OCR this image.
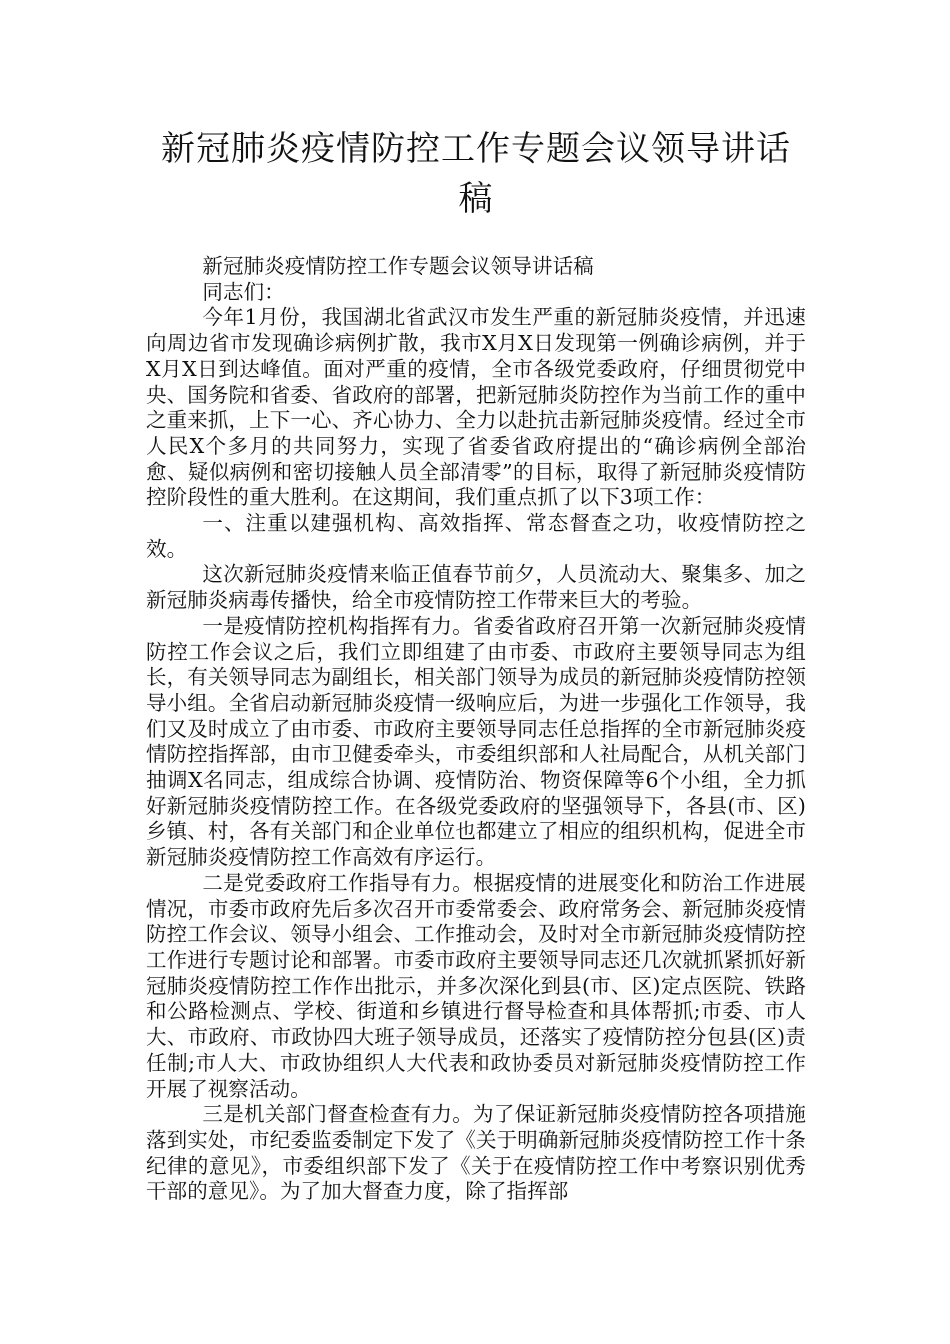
新冠肺炎疫情防控工作专题会议领导讲话
稿

新冠肺炎疫情防控工作专题会议领导讲话稿

同志们：

今年1月份，我国湖北省武汉市发生严重的新冠肺炎疫情，并迅速向周边省市发现确诊病例扩散，我市X月X日发现第一例确诊病例，并于X月X日到达峰值。面对严重的疫情，全市各级党委政府，仔细贯彻党中央、国务院和省委、省政府的部署，把新冠肺炎防控作为当前工作的重中之重来抓，上下一心、齐心协力、全力以赴抗击新冠肺炎疫情。经过全市人民X个多月的共同努力，实现了省委省政府提出的“确诊病例全部治愈、疑似病例和密切接触人员全部清零”的目标，取得了新冠肺炎疫情防控阶段性的重大胜利。在这期间，我们重点抓了以下3项工作：

一、注重以建强机构、高效指挥、常态督查之功，收疫情防控之效。

这次新冠肺炎疫情来临正值春节前夕，人员流动大、聚集多、加之新冠肺炎病毒传播快，给全市疫情防控工作带来巨大的考验。

一是疫情防控机构指挥有力。省委省政府召开第一次新冠肺炎疫情防控工作会议之后，我们立即组建了由市委、市政府主要领导同志为组长，有关领导同志为副组长，相关部门领导为成员的新冠肺炎疫情防控领导小组。全省启动新冠肺炎疫情一级响应后，为进一步强化工作领导，我们又及时成立了由市委、市政府主要领导同志任总指挥的全市新冠肺炎疫情防控指挥部，由市卫健委牵头，市委组织部和人社局配合，从机关部门抽调X名同志，组成综合协调、疫情防治、物资保障等6个小组，全力抓好新冠肺炎疫情防控工作。在各级党委政府的坚强领导下，各县(市、区)乡镇、村，各有关部门和企业单位也都建立了相应的组织机构，促进全市新冠肺炎疫情防控工作高效有序运行。

二是党委政府工作指导有力。根据疫情的进展变化和防治工作进展情况，市委市政府先后多次召开市委常委会、政府常务会、新冠肺炎疫情防控工作会议、领导小组会、工作推动会，及时对全市新冠肺炎疫情防控工作进行专题讨论和部署。市委市政府主要领导同志还几次就抓紧抓好新冠肺炎疫情防控工作作出批示，并多次深化到县(市、区)定点医院、铁路和公路检测点、学校、街道和乡镇进行督导检查和具体帮抓;市委、市人大、市政府、市政协四大班子领导成员，还落实了疫情防控分包县(区)责任制;市人大、市政协组织人大代表和政协委员对新冠肺炎疫情防控工作开展了视察活动。

三是机关部门督查检查有力。为了保证新冠肺炎疫情防控各项措施落到实处，市纪委监委制定下发了《关于明确新冠肺炎疫情防控工作十条纪律的意见》，市委组织部下发了《关于在疫情防控工作中考察识别优秀干部的意见》。为了加大督查力度，除了指挥部
